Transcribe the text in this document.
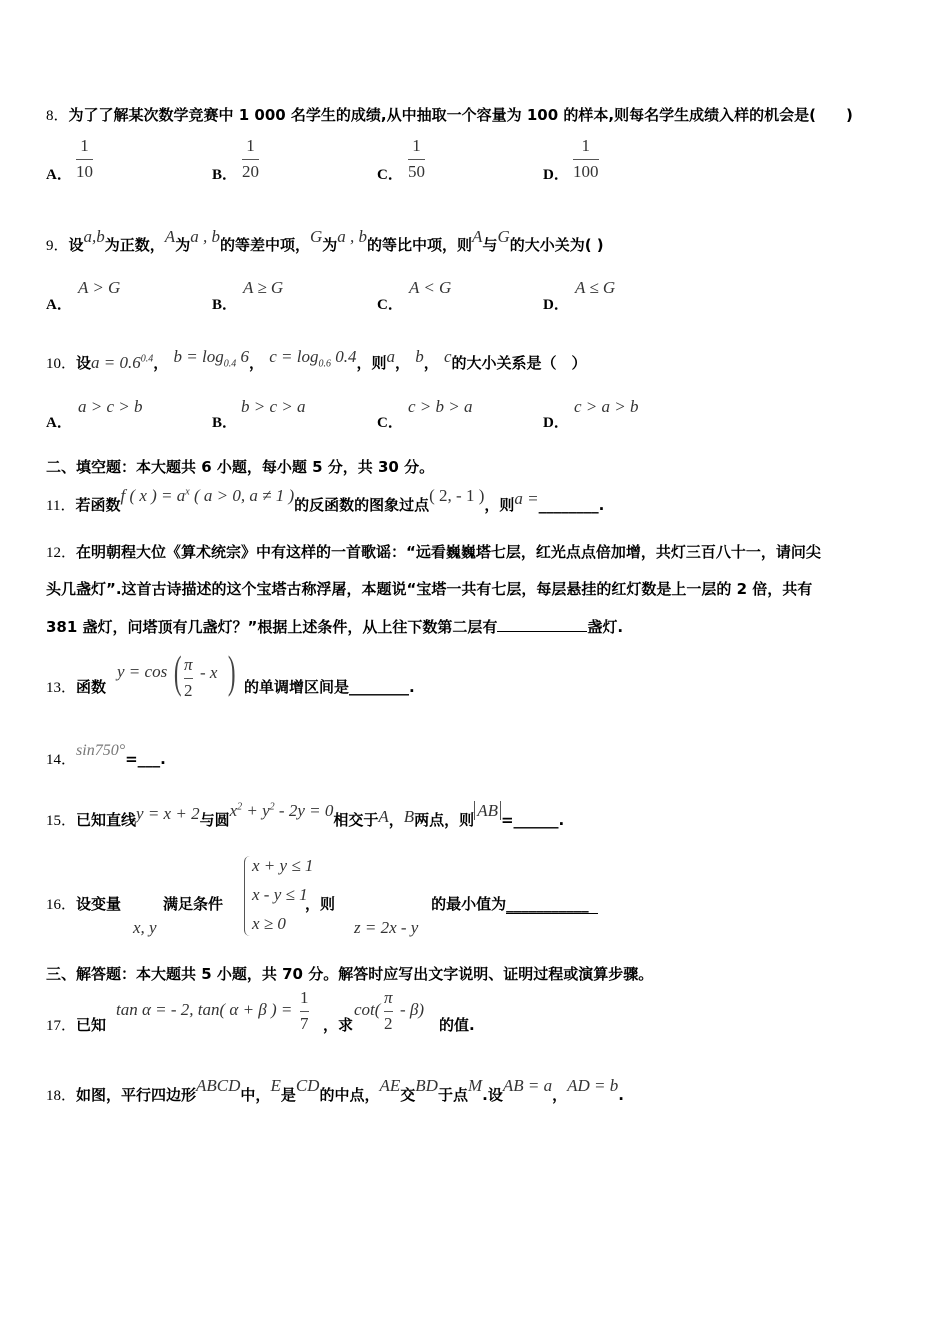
8．为了了解某次数学竞赛中 1 000 名学生的成绩,从中抽取一个容量为 100 的样本,则每名学生成绩入样的机会是(　　)
A．
1
10	B．
1
20	C．
1
50	D．
1
100
9．设a,b为正数，A为a , b的等差中项，G为a , b的等比中项，则A与G的大小关为( )
A．
A > G
B．
A ≥ G
C．
A < G
D．
A ≤ G
10．设$a = 0.6^{0.4}$， $b = \log_{0.4} 6$， $c = \log_{0.6} 0.4$，则a， b， c的大小关系是（　）
A．
a > c > b
B．
b > c > a
C．
c > b > a
D．
c > a > b
二、填空题：本大题共 6 小题，每小题 5 分，共 30 分。
11．若函数f ( x ) = $a^x$ ( a > 0, a ≠ 1 )的反函数的图象过点( 2, - 1 )，则a =________.
12．在明朝程大位《算术统宗》中有这样的一首歌谣：“远看巍巍塔七层，红光点点倍加增，共灯三百八十一，请问尖
头几盏灯”.这首古诗描述的这个宝塔古称浮屠，本题说“宝塔一共有七层，每层悬挂的红灯数是上一层的 2 倍，共有
381 盏灯，问塔顶有几盏灯？”根据上述条件，从上往下数第二层有	盏灯.
13．函数	的单调增区间是________.
y = cos ( π
2
- x )
14．sin750°=___.
15．已知直线y = x + 2与圆$x^2 + y^2 - 2y = 0$相交于A，B两点，则 AB =______.
16．设变量	满足条件	，则	的最小值为___________
x, y
x + y ≤ 1
x - y ≤ 1
x ≥ 0	z = 2x - y
三、解答题：本大题共 5 小题，共 70 分。解答时应写出文字说明、证明过程或演算步骤。
17．已知	，求	的值.
tan α = - 2, tan( α + β ) =
1
7
cot(
π
2
- β)
18．如图，平行四边形ABCD中，E是CD的中点，AE交BD于点M.设AB = a，AD = b.
